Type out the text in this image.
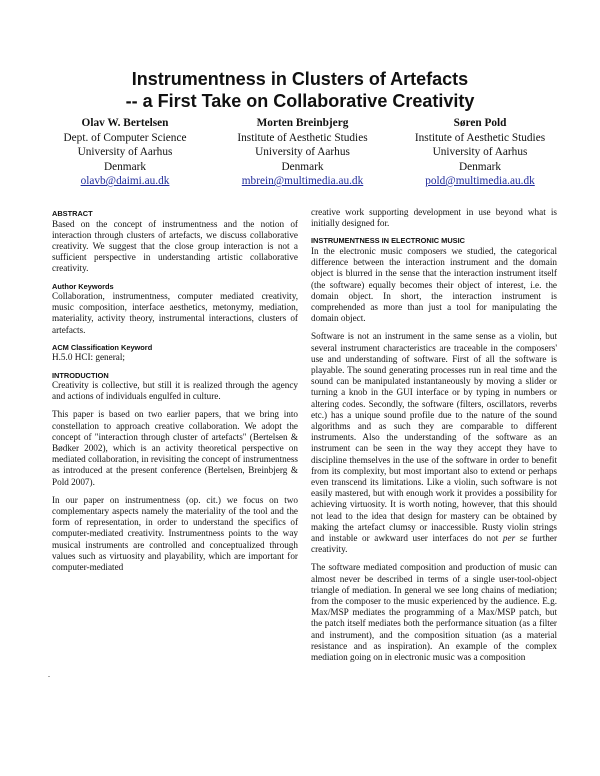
Instrumentness in Clusters of Artefacts
-- a First Take on Collaborative Creativity
Olav W. Bertelsen
Dept. of Computer Science
University of Aarhus
Denmark
olavb@daimi.au.dk
Morten Breinbjerg
Institute of Aesthetic Studies
University of Aarhus
Denmark
mbrein@multimedia.au.dk
Søren Pold
Institute of Aesthetic Studies
University of Aarhus
Denmark
pold@multimedia.au.dk

ABSTRACT

Based on the concept of instrumentness and the notion of interaction through clusters of artefacts, we discuss collaborative creativity. We suggest that the close group interaction is not a sufficient perspective in understanding artistic collaborative creativity.

Author Keywords

Collaboration, instrumentness, computer mediated creativity, music composition, interface aesthetics, metonymy, mediation, materiality, activity theory, instrumental interactions, clusters of artefacts.

ACM Classification Keyword

H.5.0 HCI: general;

INTRODUCTION

Creativity is collective, but still it is realized through the agency and actions of individuals engulfed in culture.

This paper is based on two earlier papers, that we bring into constellation to approach creative collaboration. We adopt the concept of "interaction through cluster of artefacts" (Bertelsen & Bødker 2002), which is an activity theoretical perspective on mediated collaboration, in revisiting the concept of instrumentness as introduced at the present conference (Bertelsen, Breinbjerg & Pold 2007).

In our paper on instrumentness (op. cit.) we focus on two complementary aspects namely the materiality of the tool and the form of representation, in order to understand the specifics of computer-mediated creativity. Instrumentness points to the way musical instruments are controlled and conceptualized through values such as virtuosity and playability, which are important for computer-mediated

.

creative work supporting development in use beyond what is initially designed for.

INSTRUMENTNESS IN ELECTRONIC MUSIC

In the electronic music composers we studied, the categorical difference between the interaction instrument and the domain object is blurred in the sense that the interaction instrument itself (the software) equally becomes their object of interest, i.e. the domain object. In short, the interaction instrument is comprehended as more than just a tool for manipulating the domain object.

Software is not an instrument in the same sense as a violin, but several instrument characteristics are traceable in the composers' use and understanding of software. First of all the software is playable. The sound generating processes run in real time and the sound can be manipulated instantaneously by moving a slider or turning a knob in the GUI interface or by typing in numbers or altering codes. Secondly, the software (filters, oscillators, reverbs etc.) has a unique sound profile due to the nature of the sound algorithms and as such they are comparable to different instruments. Also the understanding of the software as an instrument can be seen in the way they accept they have to discipline themselves in the use of the software in order to benefit from its complexity, but most important also to extend or perhaps even transcend its limitations. Like a violin, such software is not easily mastered, but with enough work it provides a possibility for achieving virtuosity. It is worth noting, however, that this should not lead to the idea that design for mastery can be obtained by making the artefact clumsy or inaccessible. Rusty violin strings and instable or awkward user interfaces do not per se further creativity.

The software mediated composition and production of music can almost never be described in terms of a single user-tool-object triangle of mediation. In general we see long chains of mediation; from the composer to the music experienced by the audience. E.g. Max/MSP mediates the programming of a Max/MSP patch, but the patch itself mediates both the performance situation (as a filter and instrument), and the composition situation (as a material resistance and as inspiration). An example of the complex mediation going on in electronic music was a composition
